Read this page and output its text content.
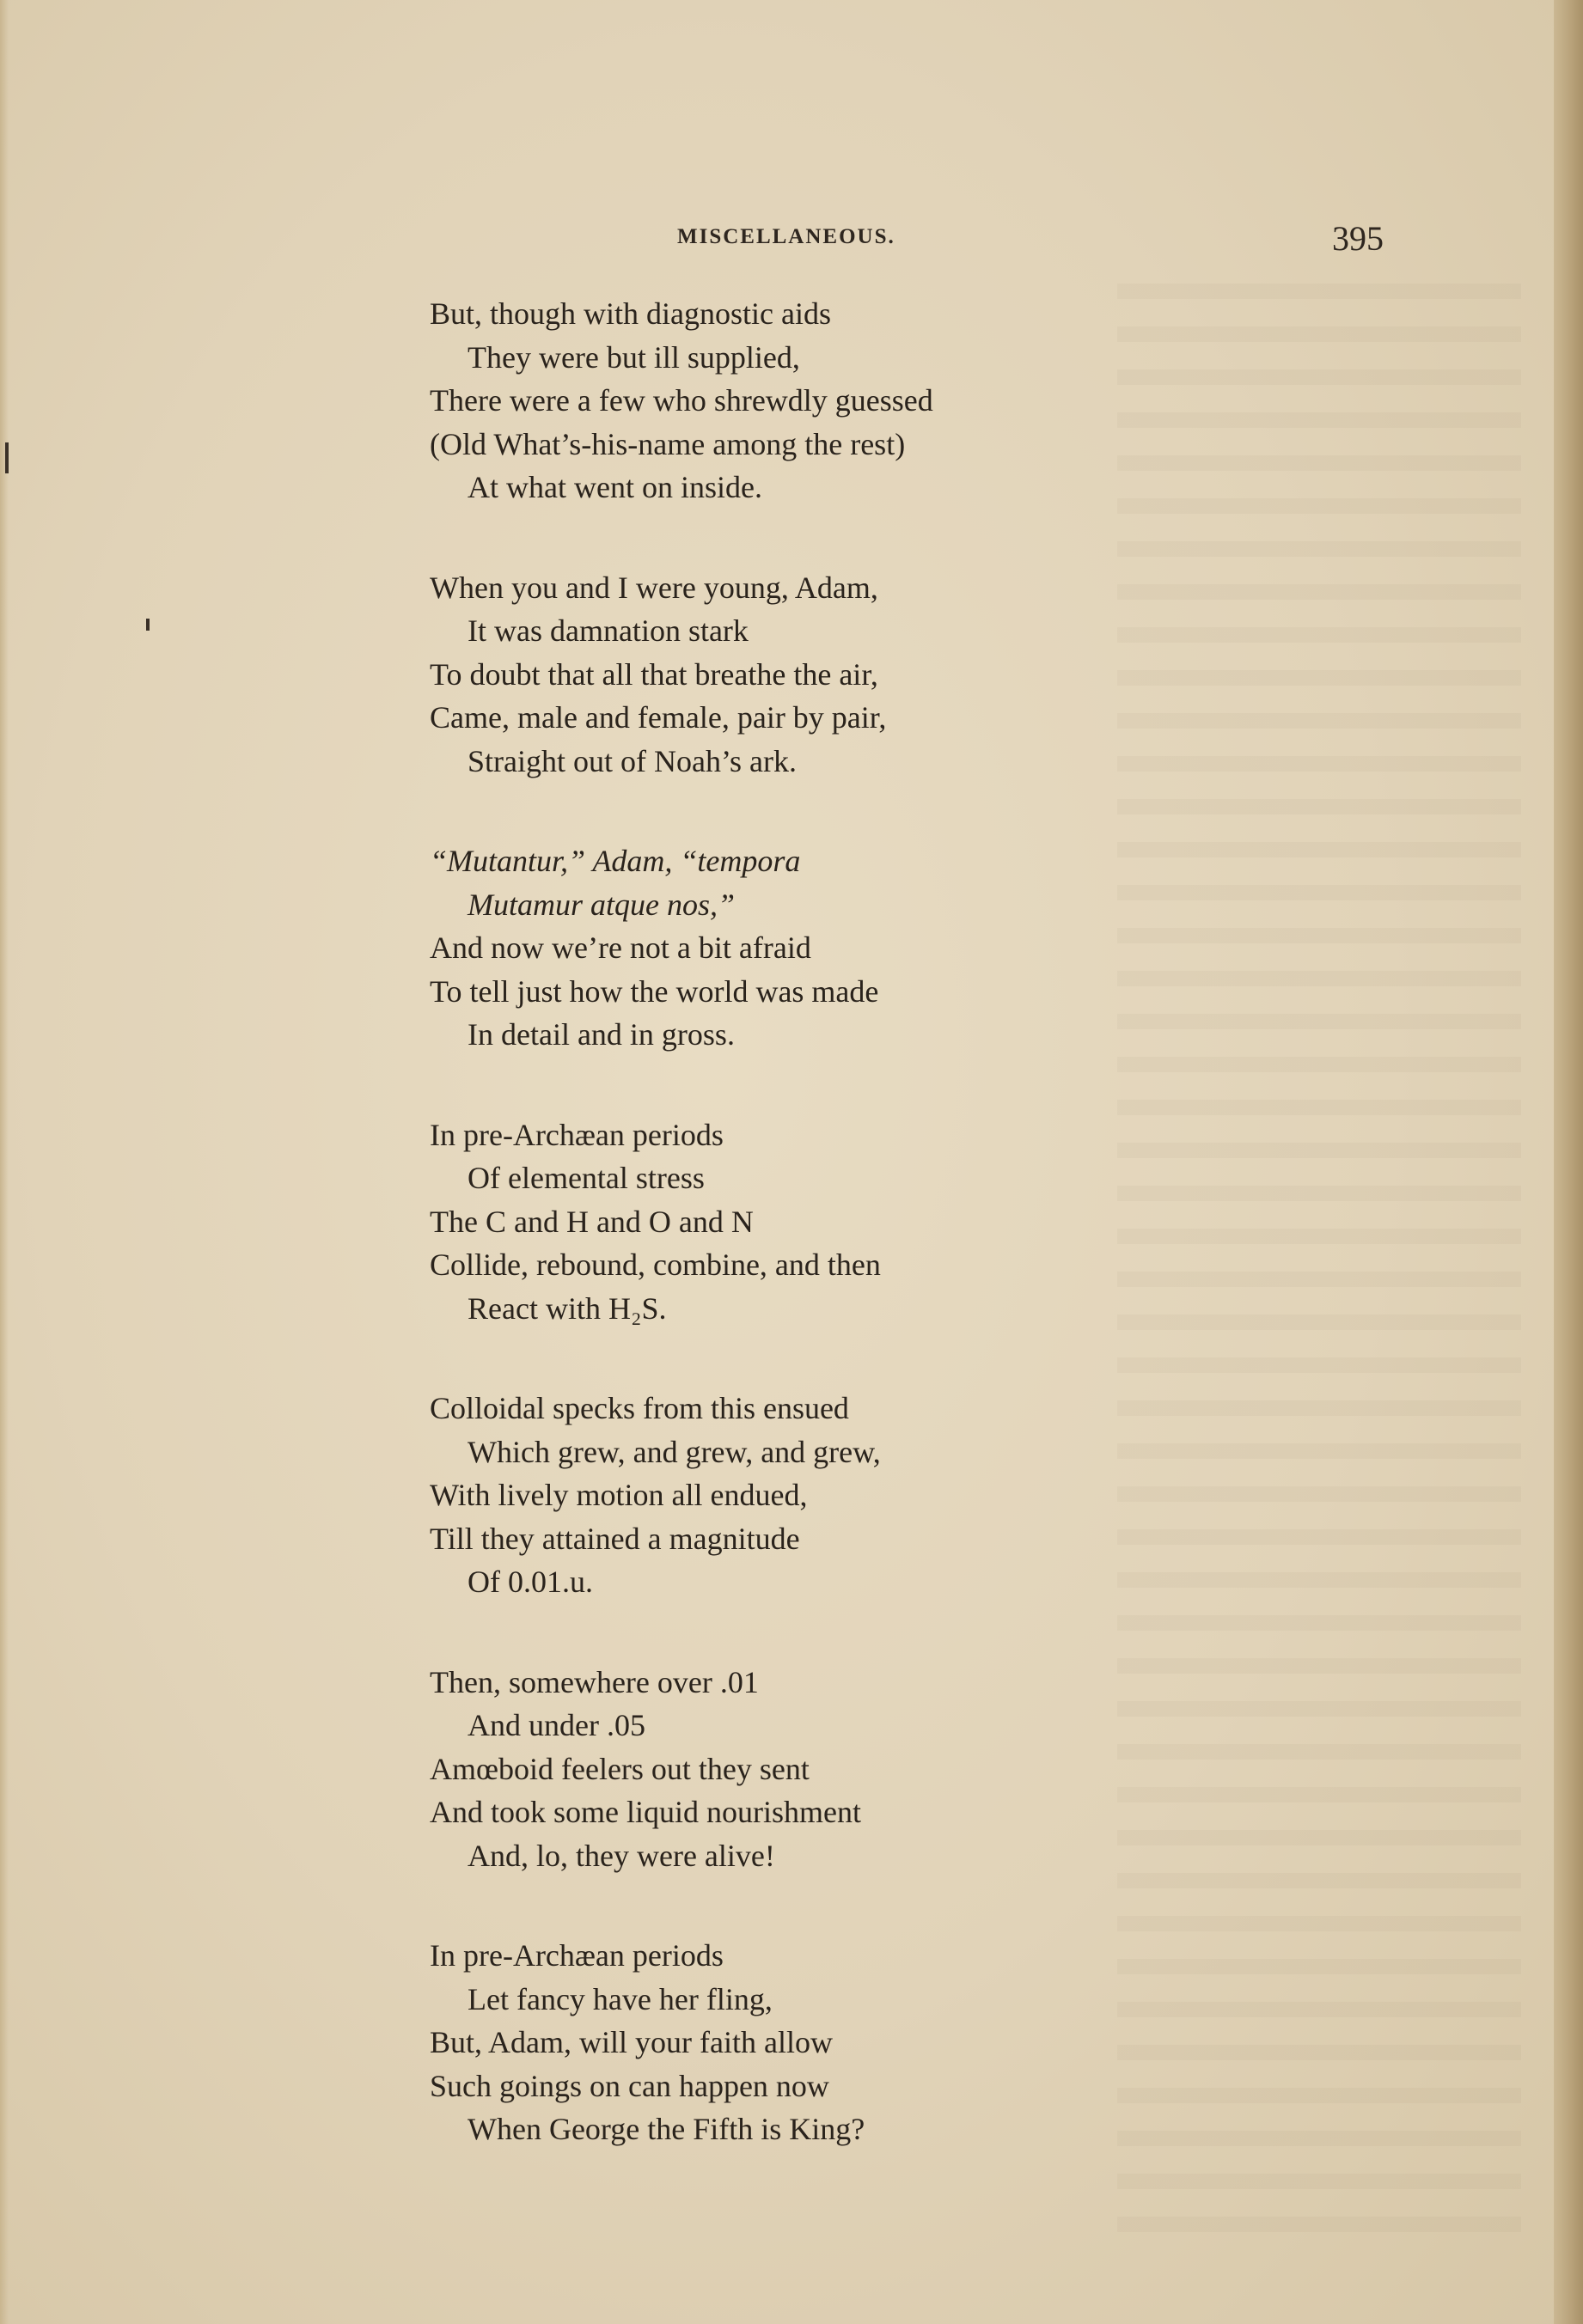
MISCELLANEOUS.	395
But, though with diagnostic aids
They were but ill supplied,
There were a few who shrewdly guessed
(Old What’s-his-name among the rest)
At what went on inside.
When you and I were young, Adam,
It was damnation stark
To doubt that all that breathe the air,
Came, male and female, pair by pair,
Straight out of Noah’s ark.
“Mutantur,” Adam, “tempora
Mutamur atque nos,”
And now we’re not a bit afraid
To tell just how the world was made
In detail and in gross.
In pre-Archæan periods
Of elemental stress
The C and H and O and N
Collide, rebound, combine, and then
React with H₂S.
Colloidal specks from this ensued
Which grew, and grew, and grew,
With lively motion all endued,
Till they attained a magnitude
Of 0.01.u.
Then, somewhere over .01
And under .05
Amœboid feelers out they sent
And took some liquid nourishment
And, lo, they were alive!
In pre-Archæan periods
Let fancy have her fling,
But, Adam, will your faith allow
Such goings on can happen now
When George the Fifth is King?
